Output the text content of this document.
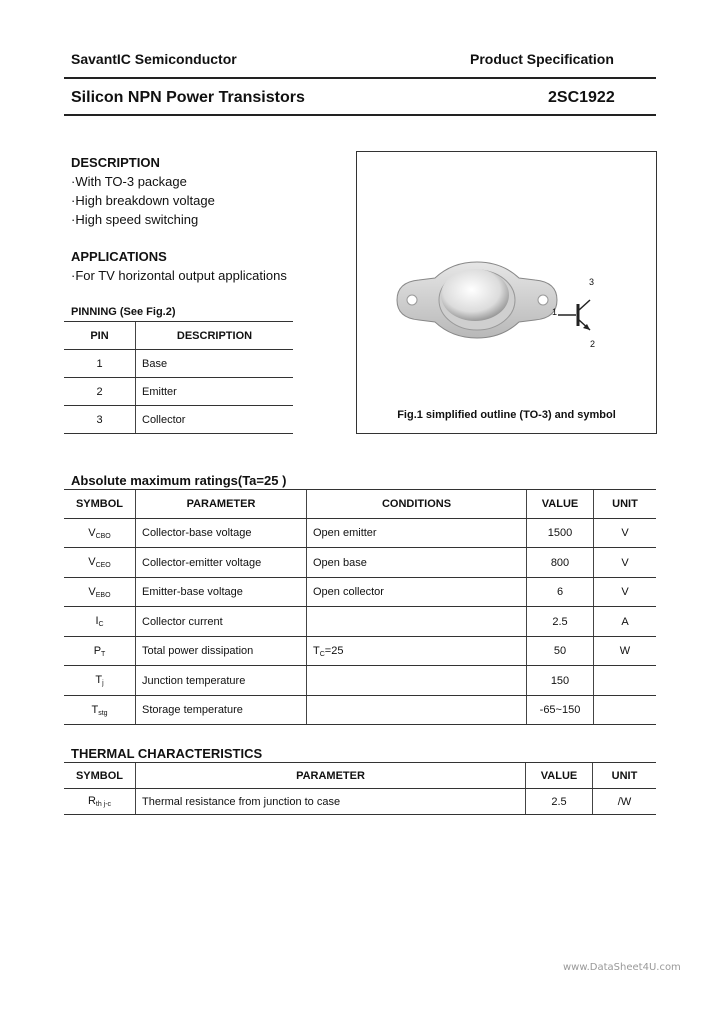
SavantIC Semiconductor	Product Specification
Silicon NPN Power Transistors	2SC1922
DESCRIPTION
·With TO-3 package
·High breakdown voltage
·High speed switching
APPLICATIONS
·For TV horizontal output applications
PINNING (See Fig.2)
PIN	DESCRIPTION
1	Base
2	Emitter
3	Collector
1
2
3
Fig.1 simplified outline (TO-3) and symbol
Absolute maximum ratings(Ta=25 )
SYMBOL	PARAMETER	CONDITIONS	VALUE	UNIT
$V_{CBO}$	Collector-base voltage	Open emitter	1500	V
$V_{CEO}$	Collector-emitter voltage	Open base	800	V
$V_{EBO}$	Emitter-base voltage	Open collector	6	V
$I_C$	Collector current		2.5	A
$P_T$	Total power dissipation	$T_C=25$	50	W
$T_j$	Junction temperature		150	
$T_{stg}$	Storage temperature		-65~150	
THERMAL CHARACTERISTICS
SYMBOL	PARAMETER	VALUE	UNIT
$R_{th j-c}$	Thermal resistance from junction to case	2.5	/W
www.DataSheet4U.com
